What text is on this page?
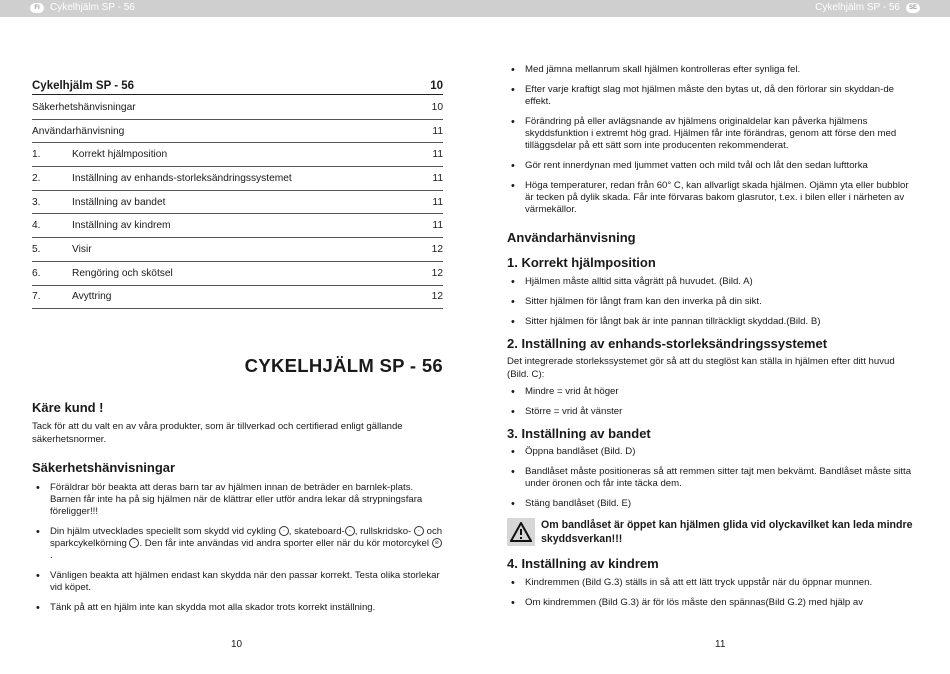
FI	Cykelhjälm SP - 56	Cykelhjälm SP - 56	SE
Cykelhjälm SP - 56	10
Säkerhetshänvisningar	10
Användarhänvisning	11
1.	Korrekt hjälmposition	11
2.	Inställning av enhands-storleksändringssystemet	11
3.	Inställning av bandet	11
4.	Inställning av kindrem	11
5.	Visir	12
6.	Rengöring och skötsel	12
7.	Avyttring	12
CYKELHJÄLM SP - 56
Käre kund !
Tack för att du valt en av våra produkter, som är tillverkad och certifierad enligt gällande säkerhetsnormer.
Säkerhetshänvisningar
• Föräldrar bör beakta att deras barn tar av hjälmen innan de beträder en barnlek-plats. Barnen får inte ha på sig hjälmen när de klättrar eller utför andra lekar då strypningsfara föreligger!!!
• Din hjälm utvecklades speciellt som skydd vid cykling ◦ , skateboard- ◦ , rullskridsko- ◦ och sparkcykelkörning ◦ . Den får inte användas vid andra sporter eller när du kör motorcykel ⊘.
• Vänligen beakta att hjälmen endast kan skydda när den passar korrekt. Testa olika storlekar vid köpet.
• Tänk på att en hjälm inte kan skydda mot alla skador trots korrekt inställning.
10
• Med jämna mellanrum skall hjälmen kontrolleras efter synliga fel.
• Efter varje kraftigt slag mot hjälmen måste den bytas ut, då den förlorar sin skyddan-de effekt.
• Förändring på eller avlägsnande av hjälmens originaldelar kan påverka hjälmens skyddsfunktion i extremt hög grad. Hjälmen får inte förändras, genom att förse den med tilläggsdelar på ett sätt som inte producenten rekommenderat.
• Gör rent innerdynan med ljummet vatten och mild tvål och låt den sedan lufttorka
• Höga temperaturer, redan från 60° C, kan allvarligt skada hjälmen. Ojämn yta eller bubblor är tecken på dylik skada. Får inte förvaras bakom glasrutor, t.ex. i bilen eller i närheten av värmekällor.
Användarhänvisning
1. Korrekt hjälmposition
• Hjälmen måste alltid sitta vågrätt på huvudet. (Bild. A)
• Sitter hjälmen för långt fram kan den inverka på din sikt.
• Sitter hjälmen för långt bak är inte pannan tillräckligt skyddad.(Bild. B)
2. Inställning av enhands-storleksändringssystemet
Det integrerade storlekssystemet gör så att du steglöst kan ställa in hjälmen efter ditt huvud (Bild. C):
• Mindre = vrid åt höger
• Större = vrid åt vänster
3. Inställning av bandet
• Öppna bandlåset (Bild. D)
• Bandlåset måste positioneras så att remmen sitter tajt men bekvämt. Bandlåset måste sitta under öronen och får inte täcka dem.
• Stäng bandlåset (Bild. E)
Om bandlåset är öppet kan hjälmen glida vid olyckavilket kan leda mindre skyddsverkan!!!
4. Inställning av kindrem
• Kindremmen (Bild G.3) ställs in så att ett lätt tryck uppstår när du öppnar munnen.
• Om kindremmen (Bild G.3) är för lös måste den spännas(Bild G.2) med hjälp av
11
